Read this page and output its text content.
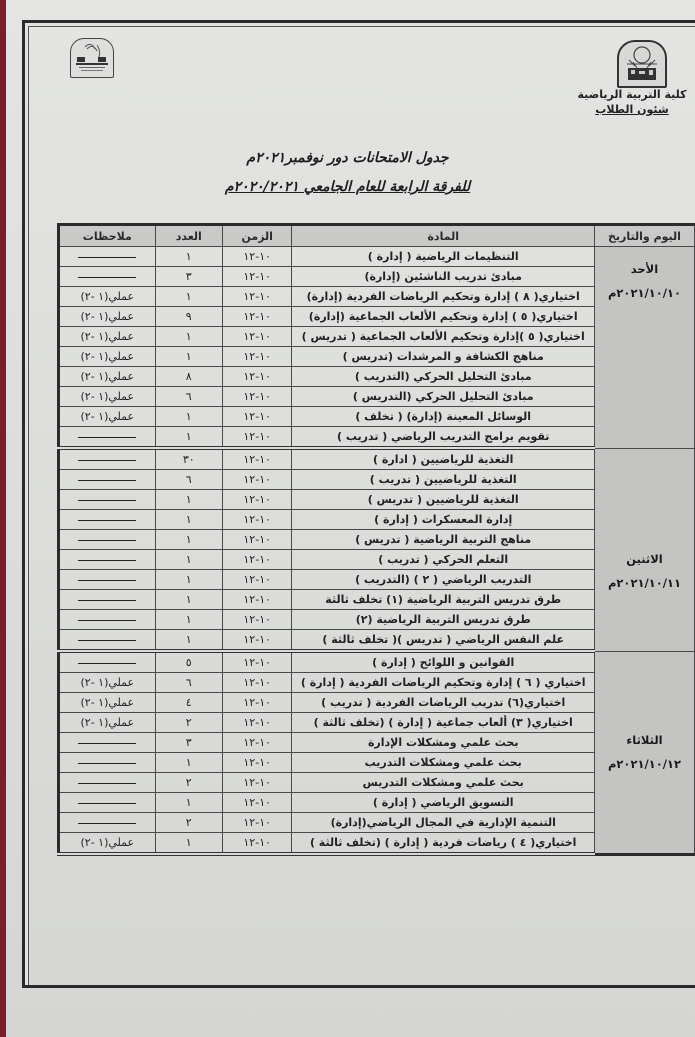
كلية التربية الرياضية
شئون الطلاب
جدول الامتحانات دور نوفمبر٢٠٢١م
للفرقة الرابعة للعام الجامعي ٢٠٢٠/٢٠٢١م
اليوم والتاريخ	المادة	الزمن	العدد	ملاحظات

الأحد
٢٠٢١/١٠/١٠م	التنظيمات الرياضية ( إدارة )	١٠-١٢	١	
	مبادئ تدريب الناشئين (إدارة)	١٠-١٢	٣	
	اختياري( ٨ ) إدارة وتحكيم الرياضات الفردية (إدارة)	١٠-١٢	١	عملي(١ -٢)
	اختياري( ٥ ) إدارة وتحكيم الألعاب الجماعية (إدارة)	١٠-١٢	٩	عملي(١ -٢)
	اختياري( ٥ )إدارة وتحكيم الألعاب الجماعية ( تدريس )	١٠-١٢	١	عملي(١ -٢)
	مناهج الكشافة و المرشدات (تدريس )	١٠-١٢	١	عملي(١ -٢)
	مبادئ التحليل الحركي (التدريب )	١٠-١٢	٨	عملي(١ -٢)
	مبادئ التحليل الحركي (التدريس )	١٠-١٢	٦	عملي(١ -٢)
	الوسائل المعينة (إدارة) ( تخلف )	١٠-١٢	١	عملي(١ -٢)
	تقويم برامج التدريب الرياضي ( تدريب )	١٠-١٢	١	

الاثنين
٢٠٢١/١٠/١١م	التغذية للرياضيين ( ادارة )	١٠-١٢	٣٠	
	التغذية للرياضيين ( تدريب )	١٠-١٢	٦	
	التغذية للرياضيين ( تدريس )	١٠-١٢	١	
	إدارة المعسكرات ( إدارة )	١٠-١٢	١	
	مناهج التربية الرياضية ( تدريس )	١٠-١٢	١	
	التعلم الحركي ( تدريب )	١٠-١٢	١	
	التدريب الرياضي ( ٢ ) (التدريب )	١٠-١٢	١	
	طرق تدريس التربية الرياضية (١) تخلف ثالثة	١٠-١٢	١	
	طرق تدريس التربية الرياضية (٢)	١٠-١٢	١	
	علم النفس الرياضي ( تدريس )( تخلف ثالثة )	١٠-١٢	١	

الثلاثاء
٢٠٢١/١٠/١٢م	القوانين و اللوائح ( إدارة )	١٠-١٢	٥	
	اختياري ( ٦ ) إدارة وتحكيم الرياضات الفردية ( إدارة )	١٠-١٢	٦	عملي(١ -٢)
	اختياري(٦) تدريب الرياضات الفردية ( تدريب )	١٠-١٢	٤	عملي(١ -٢)
	اختياري( ٣) ألعاب جماعية ( إدارة ) (تخلف ثالثة )	١٠-١٢	٢	عملي(١ -٢)
	بحث علمي ومشكلات الإدارة	١٠-١٢	٣	
	بحث علمي ومشكلات التدريب	١٠-١٢	١	
	بحث علمي ومشكلات التدريس	١٠-١٢	٢	
	التسويق الرياضي ( إدارة )	١٠-١٢	١	
	التنمية الإدارية في المجال الرياضي(إدارة)	١٠-١٢	٢	
	اختياري( ٤ ) رياضات فردية ( إدارة ) (تخلف ثالثة )	١٠-١٢	١	عملي(١ -٢)
